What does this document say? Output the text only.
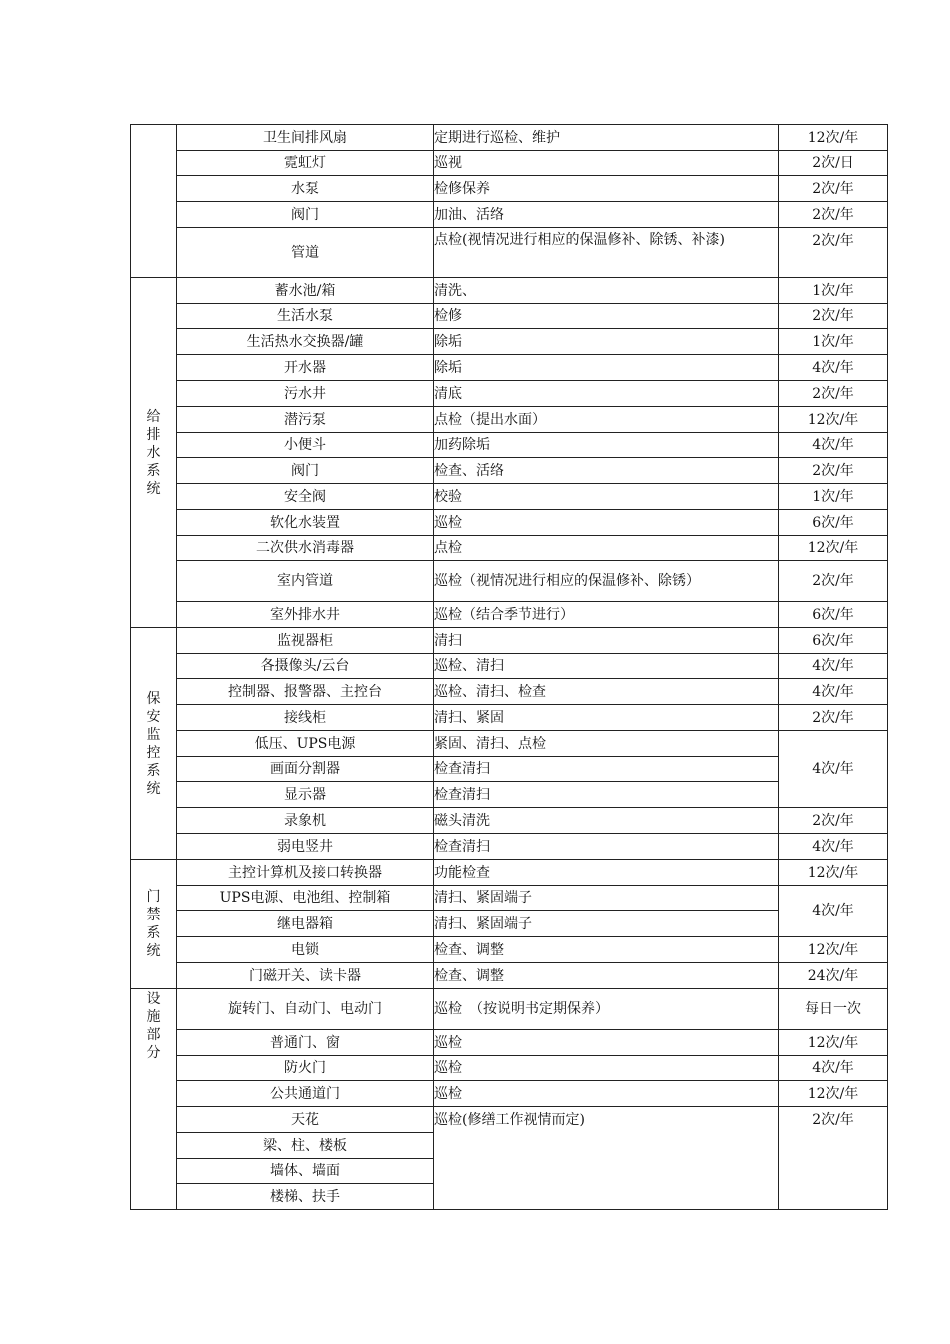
	卫生间排风扇	定期进行巡检、维护	12次/年
	霓虹灯	巡视	2次/日
	水泵	检修保养	2次/年
	阀门	加油、活络	2次/年
	管道	点检(视情况进行相应的保温修补、除锈、补漆)	2次/年

给排水系统	蓄水池/箱	清洗、	1次/年
	生活水泵	检修	2次/年
	生活热水交换器/罐	除垢	1次/年
	开水器	除垢	4次/年
	污水井	清底	2次/年
	潜污泵	点检（提出水面）	12次/年
	小便斗	加药除垢	4次/年
	阀门	检查、活络	2次/年
	安全阀	校验	1次/年
	软化水装置	巡检	6次/年
	二次供水消毒器	点检	12次/年
	室内管道	巡检（视情况进行相应的保温修补、除锈）	2次/年
	室外排水井	巡检（结合季节进行）	6次/年

保安监控系统	监视器柜	清扫	6次/年
	各摄像头/云台	巡检、清扫	4次/年
	控制器、报警器、主控台	巡检、清扫、检查	4次/年
	接线柜	清扫、紧固	2次/年
	低压、UPS电源	紧固、清扫、点检	4次/年
	画面分割器	检查清扫	
	显示器	检查清扫	
	录象机	磁头清洗	2次/年
	弱电竖井	检查清扫	4次/年

门禁系统	主控计算机及接口转换器	功能检查	12次/年
	UPS电源、电池组、控制箱	清扫、紧固端子	4次/年
	继电器箱	清扫、紧固端子	
	电锁	检查、调整	12次/年
	门磁开关、读卡器	检查、调整	24次/年

设施部分	旋转门、自动门、电动门	巡检　（按说明书定期保养）	每日一次
	普通门、窗	巡检	12次/年
	防火门	巡检	4次/年
	公共通道门	巡检	12次/年
	天花	巡检(修缮工作视情而定)	2次/年
	梁、柱、楼板		
	墙体、墙面		
	楼梯、扶手		
